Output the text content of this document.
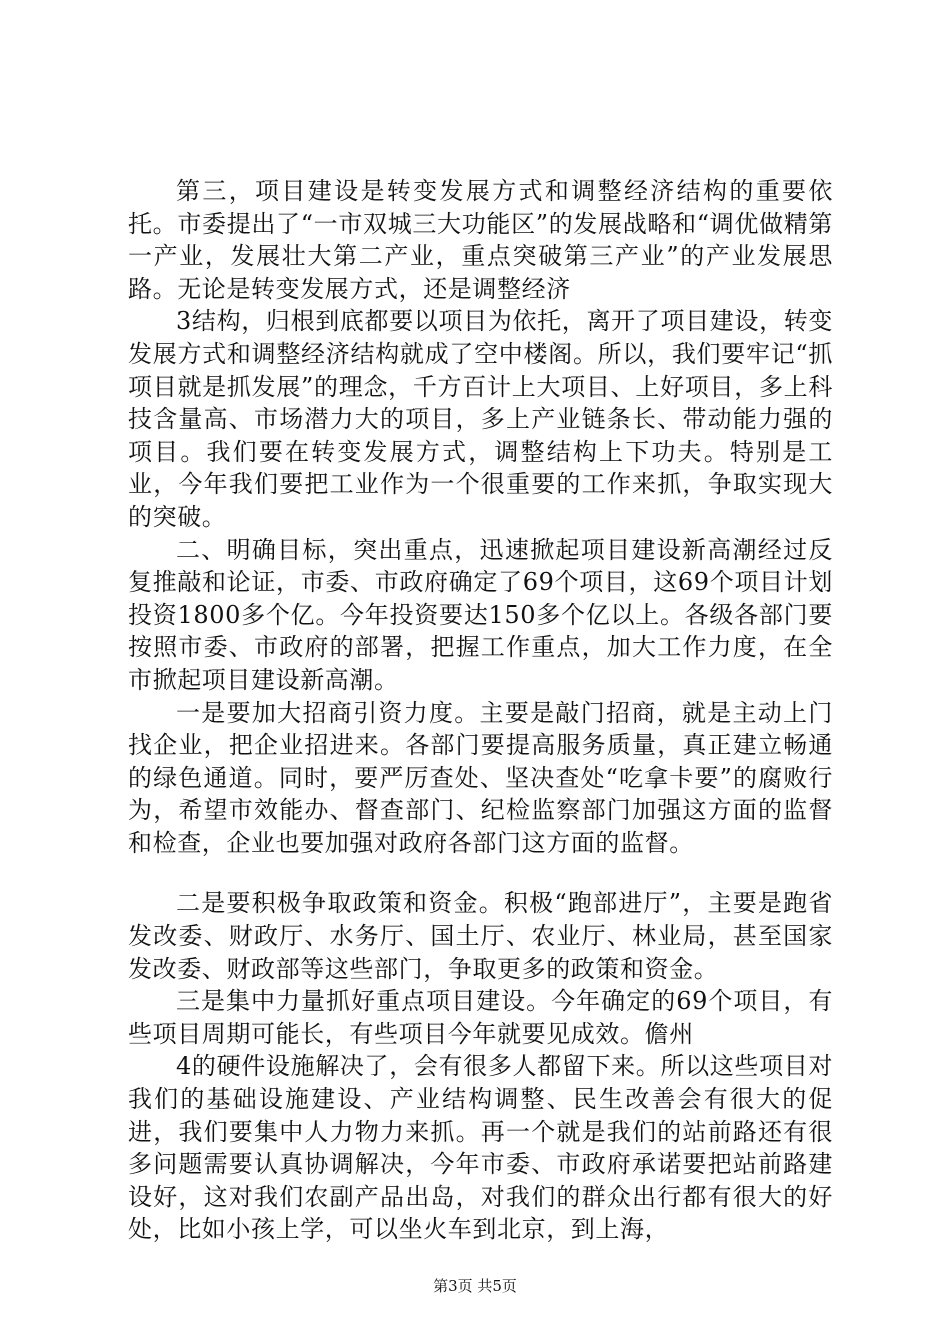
第三，项目建设是转变发展方式和调整经济结构的重要依托。市委提出了“一市双城三大功能区”的发展战略和“调优做精第一产业，发展壮大第二产业，重点突破第三产业”的产业发展思路。无论是转变发展方式，还是调整经济

3结构，归根到底都要以项目为依托，离开了项目建设，转变发展方式和调整经济结构就成了空中楼阁。所以，我们要牢记“抓项目就是抓发展”的理念，千方百计上大项目、上好项目，多上科技含量高、市场潜力大的项目，多上产业链条长、带动能力强的项目。我们要在转变发展方式，调整结构上下功夫。特别是工业，今年我们要把工业作为一个很重要的工作来抓，争取实现大的突破。

二、明确目标，突出重点，迅速掀起项目建设新高潮经过反复推敲和论证，市委、市政府确定了69个项目，这69个项目计划投资1800多个亿。今年投资要达150多个亿以上。各级各部门要按照市委、市政府的部署，把握工作重点，加大工作力度，在全市掀起项目建设新高潮。

一是要加大招商引资力度。主要是敲门招商，就是主动上门找企业，把企业招进来。各部门要提高服务质量，真正建立畅通的绿色通道。同时，要严厉查处、坚决查处“吃拿卡要”的腐败行为，希望市效能办、督查部门、纪检监察部门加强这方面的监督和检查，企业也要加强对政府各部门这方面的监督。

二是要积极争取政策和资金。积极“跑部进厅”，主要是跑省发改委、财政厅、水务厅、国土厅、农业厅、林业局，甚至国家发改委、财政部等这些部门，争取更多的政策和资金。

三是集中力量抓好重点项目建设。今年确定的69个项目，有些项目周期可能长，有些项目今年就要见成效。儋州

4的硬件设施解决了，会有很多人都留下来。所以这些项目对我们的基础设施建设、产业结构调整、民生改善会有很大的促进，我们要集中人力物力来抓。再一个就是我们的站前路还有很多问题需要认真协调解决，今年市委、市政府承诺要把站前路建设好，这对我们农副产品出岛，对我们的群众出行都有很大的好处，比如小孩上学，可以坐火车到北京，到上海，

第3页 共5页
